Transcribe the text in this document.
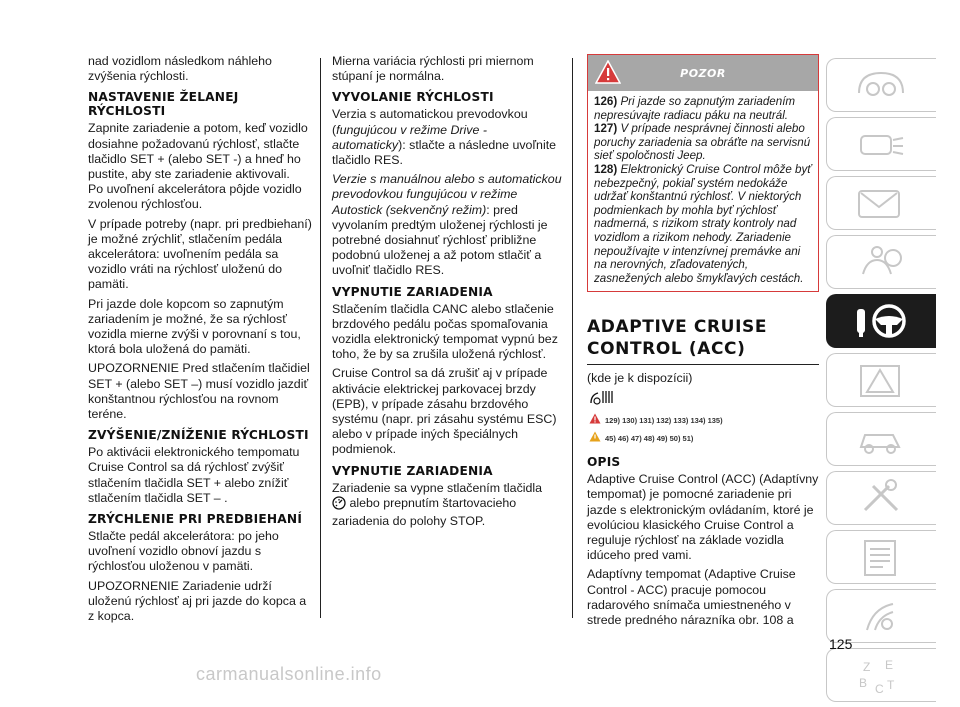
nad vozidlom následkom náhleho zvýšenia rýchlosti.

NASTAVENIE ŽELANEJ RÝCHLOSTI

Zapnite zariadenie a potom, keď vozidlo dosiahne požadovanú rýchlosť, stlačte tlačidlo SET + (alebo SET -) a hneď ho pustite, aby ste zariadenie aktivovali.

Po uvoľnení akcelerátora pôjde vozidlo zvolenou rýchlosťou.

V prípade potreby (napr. pri predbiehaní) je možné zrýchliť, stlačením pedála akcelerátora: uvoľnením pedála sa vozidlo vráti na rýchlosť uloženú do pamäti.

Pri jazde dole kopcom so zapnutým zariadením je možné, že sa rýchlosť vozidla mierne zvýši v porovnaní s tou, ktorá bola uložená do pamäti.

UPOZORNENIE Pred stlačením tlačidiel SET + (alebo SET –) musí vozidlo jazdiť konštantnou rýchlosťou na rovnom teréne.

ZVÝŠENIE/ZNÍŽENIE RÝCHLOSTI

Po aktivácii elektronického tempomatu Cruise Control sa dá rýchlosť zvýšiť stlačením tlačidla SET + alebo znížiť stlačením tlačidla SET – .

ZRÝCHLENIE PRI PREDBIEHANÍ

Stlačte pedál akcelerátora: po jeho uvoľnení vozidlo obnoví jazdu s rýchlosťou uloženou v pamäti.

UPOZORNENIE Zariadenie udrží uloženú rýchlosť aj pri jazde do kopca a z kopca.

Mierna variácia rýchlosti pri miernom stúpaní je normálna.

VYVOLANIE RÝCHLOSTI

Verzia s automatickou prevodovkou (fungujúcou v režime Drive - automaticky): stlačte a následne uvoľnite tlačidlo RES.

Verzie s manuálnou alebo s automatickou prevodovkou fungujúcou v režime Autostick (sekvenčný režim): pred vyvolaním predtým uloženej rýchlosti je potrebné dosiahnuť rýchlosť približne podobnú uloženej a až potom stlačiť a uvoľniť tlačidlo RES.

VYPNUTIE ZARIADENIA

Stlačením tlačidla CANC alebo stlačenie brzdového pedálu počas spomaľovania vozidla elektronický tempomat vypnú bez toho, že by sa zrušila uložená rýchlosť.

Cruise Control sa dá zrušiť aj v prípade aktivácie elektrickej parkovacej brzdy (EPB), v prípade zásahu brzdového systému (napr. pri zásahu systému ESC) alebo v prípade iných špeciálnych podmienok.

VYPNUTIE ZARIADENIA

Zariadenie sa vypne stlačením tlačidla
alebo prepnutím štartovacieho zariadenia do polohy STOP.

POZOR

126) Pri jazde so zapnutým zariadením nepresúvajte radiacu páku na neutrál.

127) V prípade nesprávnej činnosti alebo poruchy zariadenia sa obráťte na servisnú sieť spoločnosti Jeep.

128) Elektronický Cruise Control môže byť nebezpečný, pokiaľ systém nedokáže udržať konštantnú rýchlosť. V niektorých podmienkach by mohla byť rýchlosť nadmerná, s rizikom straty kontroly nad vozidlom a rizikom nehody. Zariadenie nepoužívajte v intenzívnej premávke ani na nerovných, zľadovatených, zasnežených alebo šmykľavých cestách.

ADAPTIVE CRUISE CONTROL (ACC)

(kde je k dispozícii)

129) 130) 131) 132) 133) 134) 135)
45) 46) 47) 48) 49) 50) 51)
OPIS

Adaptive Cruise Control (ACC) (Adaptívny tempomat) je pomocné zariadenie pri jazde s elektronickým ovládaním, ktoré je evolúciou klasického Cruise Control a reguluje rýchlosť na základe vozidla idúceho pred vami.

Adaptívny tempomat (Adaptive Cruise Control - ACC) pracuje pomocou radarového snímača umiestneného v strede predného nárazníka obr. 108 a

Z E
B C T
125
carmanualsonline.info
